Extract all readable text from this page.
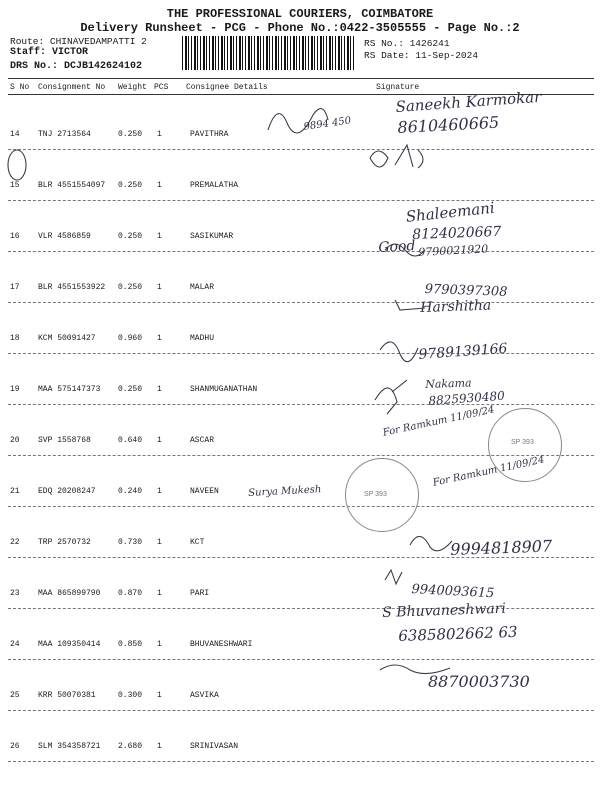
THE PROFESSIONAL COURIERS, COIMBATORE
Delivery Runsheet - PCG - Phone No.:0422-3505555 - Page No.:2
Route: CHINAVEDAMPATTI 2
Staff: VICTOR
DRS No.: DCJB142624102
RS No.: 1426241
RS Date: 11-Sep-2024
S No Consignment No Weight PCS Consignee Details	Signature
14 TNJ 2713564	0.250 1	PAVITHRA
15 BLR 4551554097 0.250 1	PREMALATHA
16 VLR 4586859	0.250 1	SASIKUMAR
17 BLR 4551553922 0.250 1	MALAR
18 KCM 50091427	0.960 1	MADHU
19 MAA 575147373 0.250 1	SHANMUGANATHAN
20 SVP 1558768	0.640 1	ASCAR
21 EDQ 20208247	0.240 1	NAVEEN
22 TRP 2570732	0.730 1	KCT
23 MAA 865899790 0.870 1	PARI
24 MAA 109350414 0.850 1	BHUVANESHWARI
25 KRR 50070381	0.300 1	ASVIKA
26 SLM 354358721 2.680 1	SRINIVASAN
SP 393
SP 393
Saneekh Karmokar
8610460665
9894 450
Shaleemani
8124020667
Good 9790021920
9790397308
Harshitha
9789139166
Nakama
8825930480
For Ramkum 11/09/24
Surya Mukesh
For Ramkum 11/09/24
9994818907
9940093615
S Bhuvaneshwari
6385802662 63
8870003730
